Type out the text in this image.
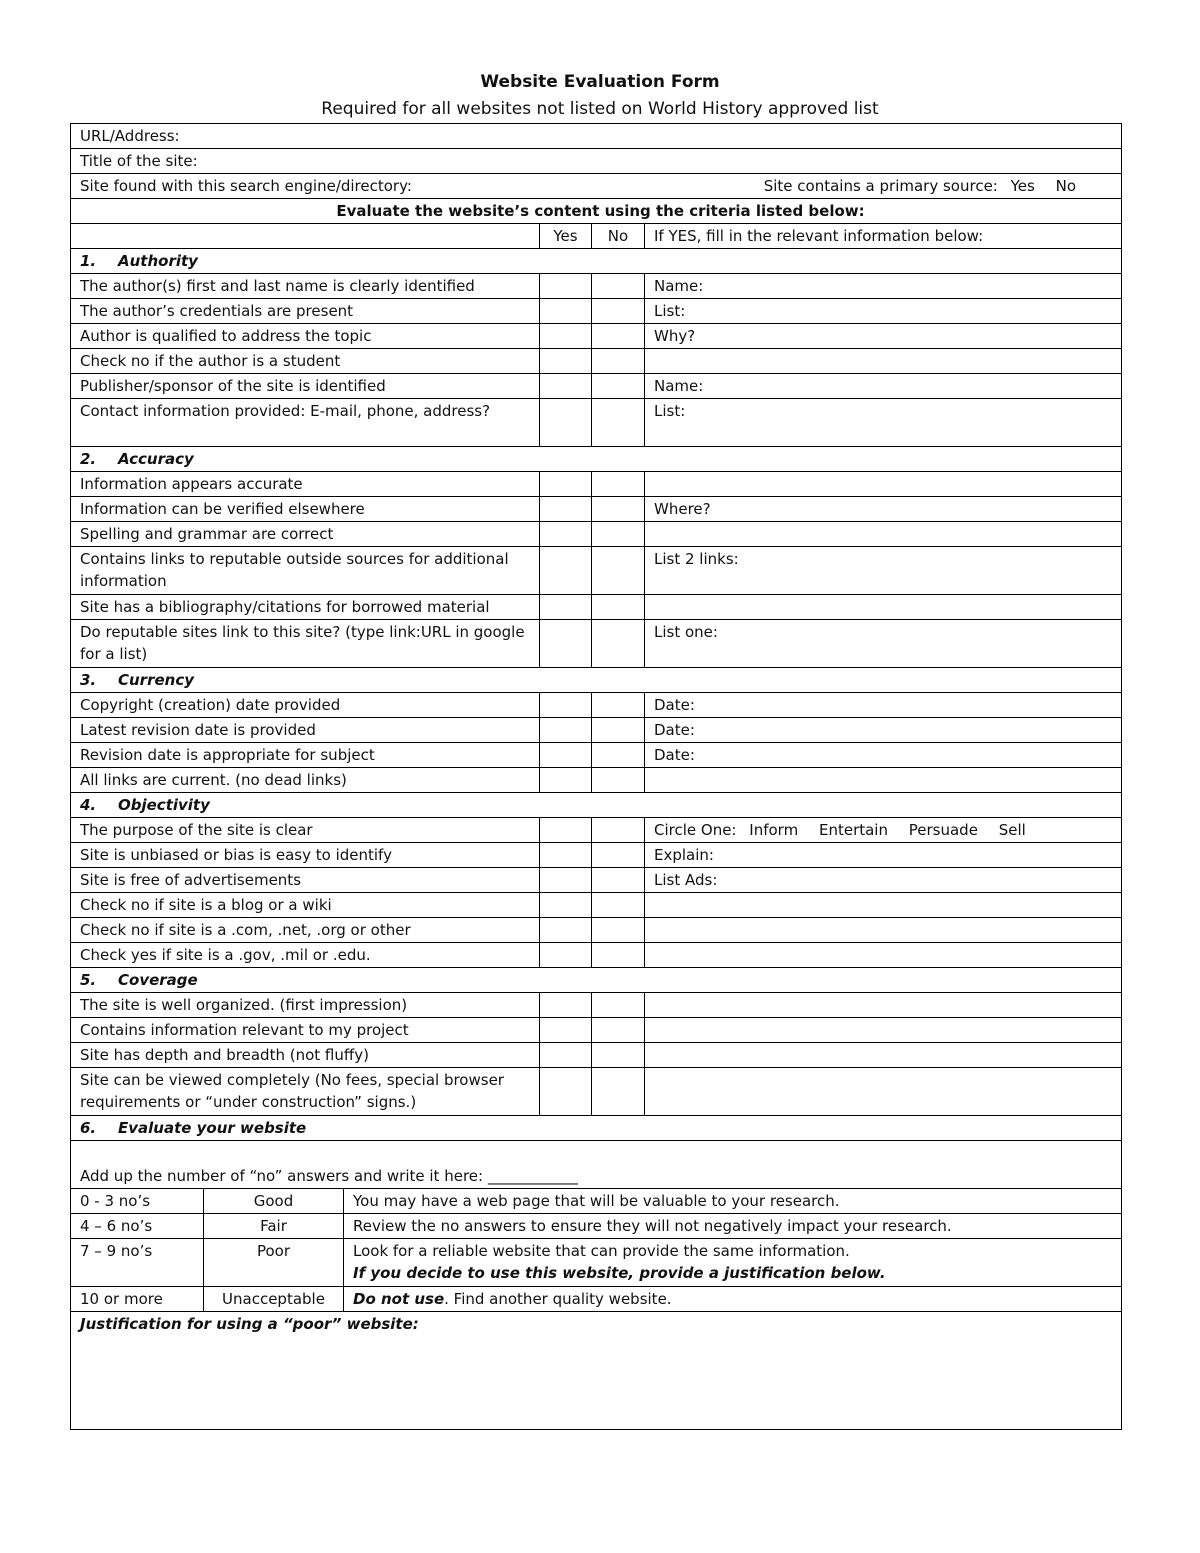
Website Evaluation Form
Required for all websites not listed on World History approved list
URL/Address:			
Title of the site:			
Site found with this search engine/directory: Site contains a primary source: Yes No			

Evaluate the website’s content using the criteria listed below:			
	Yes	No	If YES, fill in the relevant information below:
1. Authority			
The author(s) first and last name is clearly identified			Name:
The author’s credentials are present			List:
Author is qualified to address the topic			Why?
Check no if the author is a student			
Publisher/sponsor of the site is identified			Name:
Contact information provided: E-mail, phone, address?			List:
2. Accuracy			
Information appears accurate			
Information can be verified elsewhere			Where?
Spelling and grammar are correct			
Contains links to reputable outside sources for additional information			List 2 links:
Site has a bibliography/citations for borrowed material			
Do reputable sites link to this site? (type link:URL in google for a list)			List one:
3. Currency			
Copyright (creation) date provided			Date:
Latest revision date is provided			Date:
Revision date is appropriate for subject			Date:
All links are current. (no dead links)			
4. Objectivity			
The purpose of the site is clear			Circle One: Inform Entertain Persuade Sell
Site is unbiased or bias is easy to identify			Explain:
Site is free of advertisements			List Ads:
Check no if site is a blog or a wiki			
Check no if site is a .com, .net, .org or other			
Check yes if site is a .gov, .mil or .edu.			
5. Coverage			
The site is well organized. (first impression)			
Contains information relevant to my project			
Site has depth and breadth (not fluffy)			
Site can be viewed completely (No fees, special browser requirements or “under construction” signs.)			
6. Evaluate your website			
Add up the number of “no” answers and write it here: ____________			
0 - 3 no’s	Good	You may have a web page that will be valuable to your research.
4 – 6 no’s	Fair	Review the no answers to ensure they will not negatively impact your research.
7 – 9 no’s	Poor	Look for a reliable website that can provide the same information.
If you decide to use this website, provide a justification below.

10 or more	Unacceptable	Do not use. Find another quality website.
Justification for using a “poor” website:		
